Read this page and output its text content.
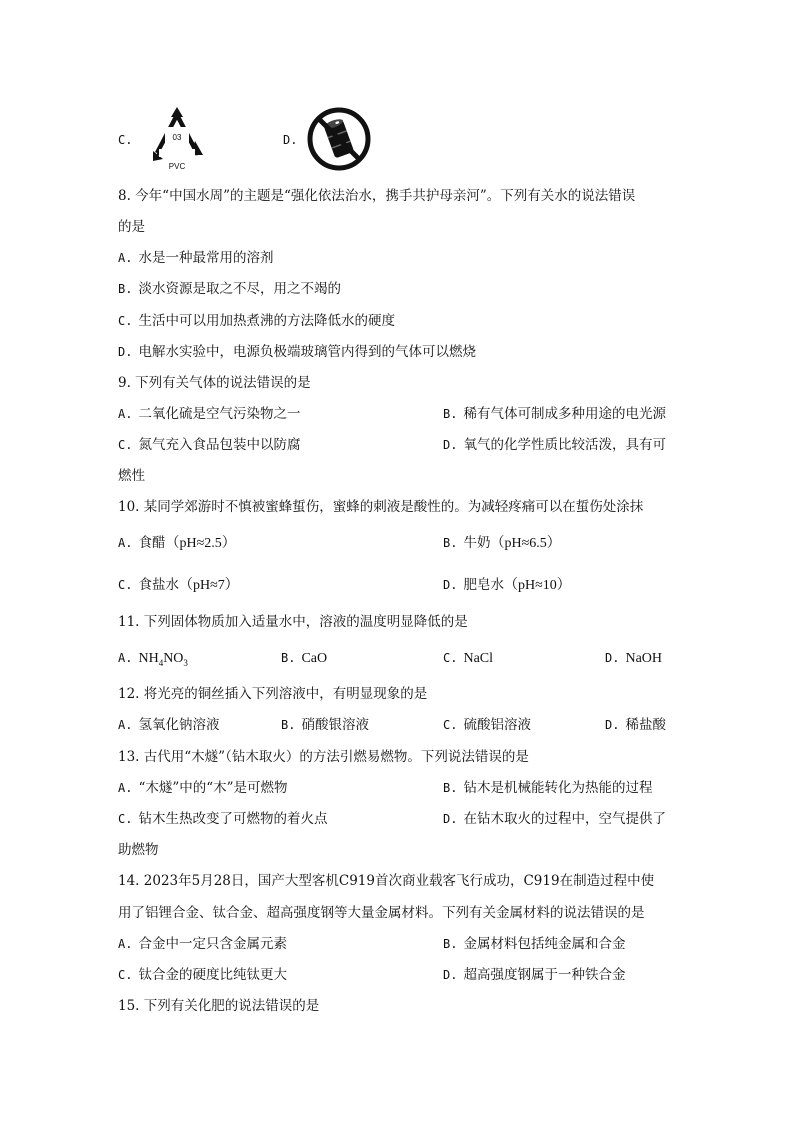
C.	03
PVC
D.
8. 今年“中国水周”的主题是“强化依法治水，携手共护母亲河”。下列有关水的说法错误
的是
A. 水是一种最常用的溶剂
B. 淡水资源是取之不尽，用之不竭的
C. 生活中可以用加热煮沸的方法降低水的硬度
D. 电解水实验中，电源负极端玻璃管内得到的气体可以燃烧
9. 下列有关气体的说法错误的是
A. 二氧化硫是空气污染物之一	B. 稀有气体可制成多种用途的电光源
C. 氮气充入食品包装中以防腐	D. 氧气的化学性质比较活泼，具有可
燃性
10. 某同学郊游时不慎被蜜蜂蜇伤，蜜蜂的刺液是酸性的。为减轻疼痛可以在蜇伤处涂抹
A. 食醋（pH≈2.5）	B. 牛奶（pH≈6.5）
C. 食盐水（pH≈7）	D. 肥皂水（pH≈10）
11. 下列固体物质加入适量水中，溶液的温度明显降低的是
A. $NH_4NO_3$	B. CaO	C. NaCl	D. NaOH
12. 将光亮的铜丝插入下列溶液中，有明显现象的是
A. 氢氧化钠溶液	B. 硝酸银溶液	C. 硫酸铝溶液	D. 稀盐酸
13. 古代用“木燧”（钻木取火）的方法引燃易燃物。下列说法错误的是
A. “木燧”中的“木”是可燃物	B. 钻木是机械能转化为热能的过程
C. 钻木生热改变了可燃物的着火点	D. 在钻木取火的过程中，空气提供了
助燃物
14. 2023年5月28日，国产大型客机C919首次商业载客飞行成功，C919在制造过程中使
用了铝锂合金、钛合金、超高强度钢等大量金属材料。下列有关金属材料的说法错误的是
A. 合金中一定只含金属元素	B. 金属材料包括纯金属和合金
C. 钛合金的硬度比纯钛更大	D. 超高强度钢属于一种铁合金
15. 下列有关化肥的说法错误的是
